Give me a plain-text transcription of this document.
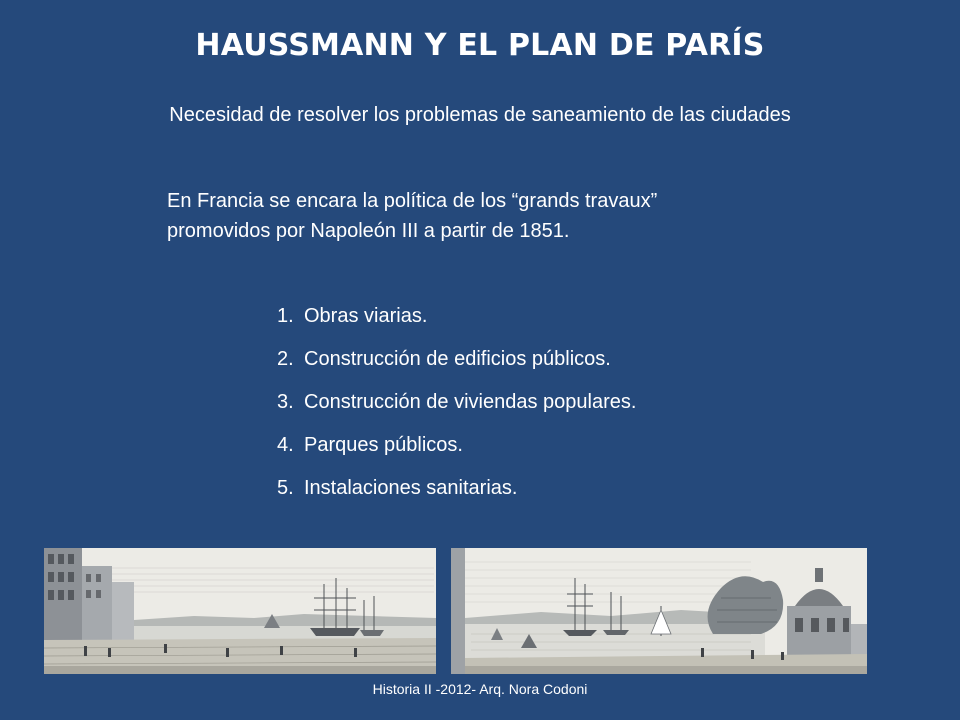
HAUSSMANN Y EL PLAN DE PARÍS
Necesidad de resolver los problemas de saneamiento de las ciudades
En Francia se encara la política de los “grands travaux”
promovidos por Napoleón III a partir de 1851.
1. Obras viarias.
2. Construcción de edificios públicos.
3. Construcción de viviendas populares.
4. Parques públicos.
5. Instalaciones sanitarias.
Historia II -2012- Arq. Nora Codoni
